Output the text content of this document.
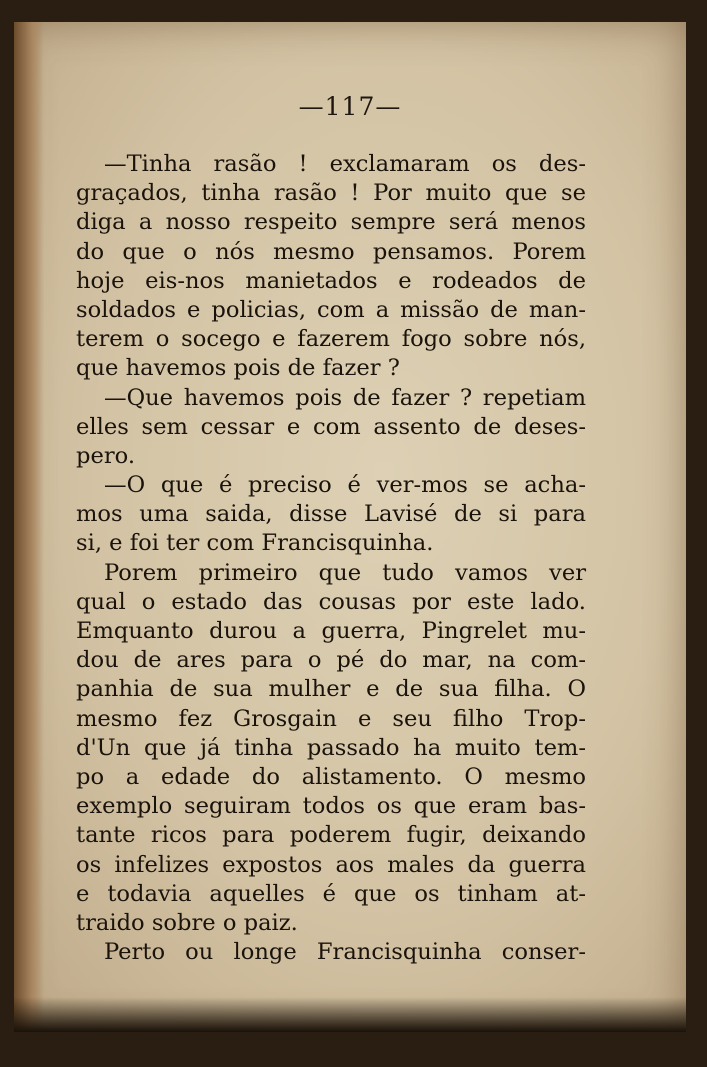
—117—
—Tinha rasão ! exclamaram os des-
graçados, tinha rasão ! Por muito que se
diga a nosso respeito sempre será menos
do que o nós mesmo pensamos. Porem
hoje eis-nos manietados e rodeados de
soldados e policias, com a missão de man-
terem o socego e fazerem fogo sobre nós,
que havemos pois de fazer ?
—Que havemos pois de fazer ? repetiam
elles sem cessar e com assento de deses-
pero.
—O que é preciso é ver-mos se acha-
mos uma saida, disse Lavisé de si para
si, e foi ter com Francisquinha.
Porem primeiro que tudo vamos ver
qual o estado das cousas por este lado.
Emquanto durou a guerra, Pingrelet mu-
dou de ares para o pé do mar, na com-
panhia de sua mulher e de sua filha. O
mesmo fez Grosgain e seu filho Trop-
d'Un que já tinha passado ha muito tem-
po a edade do alistamento. O mesmo
exemplo seguiram todos os que eram bas-
tante ricos para poderem fugir, deixando
os infelizes expostos aos males da guerra
e todavia aquelles é que os tinham at-
traido sobre o paiz.
Perto ou longe Francisquinha conser-
